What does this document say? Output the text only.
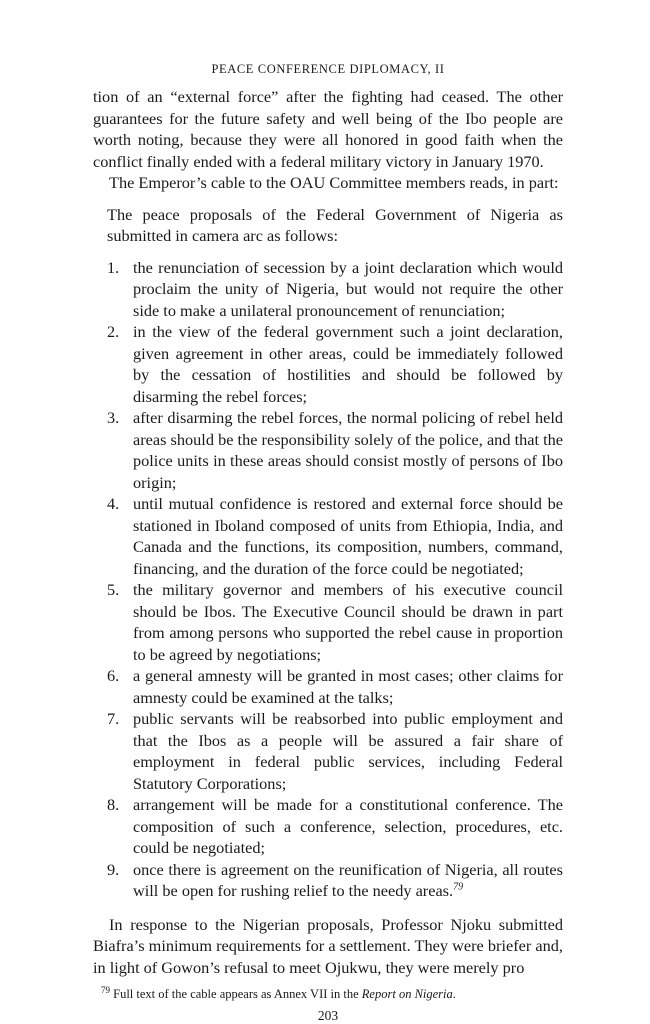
PEACE CONFERENCE DIPLOMACY, II

tion of an “external force” after the fighting had ceased. The other guarantees for the future safety and well being of the Ibo people are worth noting, because they were all honored in good faith when the conflict finally ended with a federal military victory in January 1970.

The Emperor’s cable to the OAU Committee members reads, in part:

The peace proposals of the Federal Government of Nigeria as submitted in camera arc as follows:

1. the renunciation of secession by a joint declaration which would proclaim the unity of Nigeria, but would not require the other side to make a unilateral pronouncement of renunciation;
2. in the view of the federal government such a joint declaration, given agreement in other areas, could be immediately followed by the cessation of hostilities and should be followed by disarming the rebel forces;
3. after disarming the rebel forces, the normal policing of rebel held areas should be the responsibility solely of the police, and that the police units in these areas should consist mostly of persons of Ibo origin;
4. until mutual confidence is restored and external force should be stationed in Iboland composed of units from Ethiopia, India, and Canada and the functions, its composition, numbers, command, financing, and the duration of the force could be negotiated;
5. the military governor and members of his executive council should be Ibos. The Executive Council should be drawn in part from among persons who supported the rebel cause in proportion to be agreed by negotiations;
6. a general amnesty will be granted in most cases; other claims for amnesty could be examined at the talks;
7. public servants will be reabsorbed into public employment and that the Ibos as a people will be assured a fair share of employment in federal public services, including Federal Statutory Corporations;
8. arrangement will be made for a constitutional conference. The composition of such a conference, selection, procedures, etc. could be negotiated;
9. once there is agreement on the reunification of Nigeria, all routes will be open for rushing relief to the needy areas.$^{79}$

In response to the Nigerian proposals, Professor Njoku submitted Biafra’s minimum requirements for a settlement. They were briefer and, in light of Gowon’s refusal to meet Ojukwu, they were merely pro

$^{79}$ Full text of the cable appears as Annex VII in the Report on Nigeria.
203
